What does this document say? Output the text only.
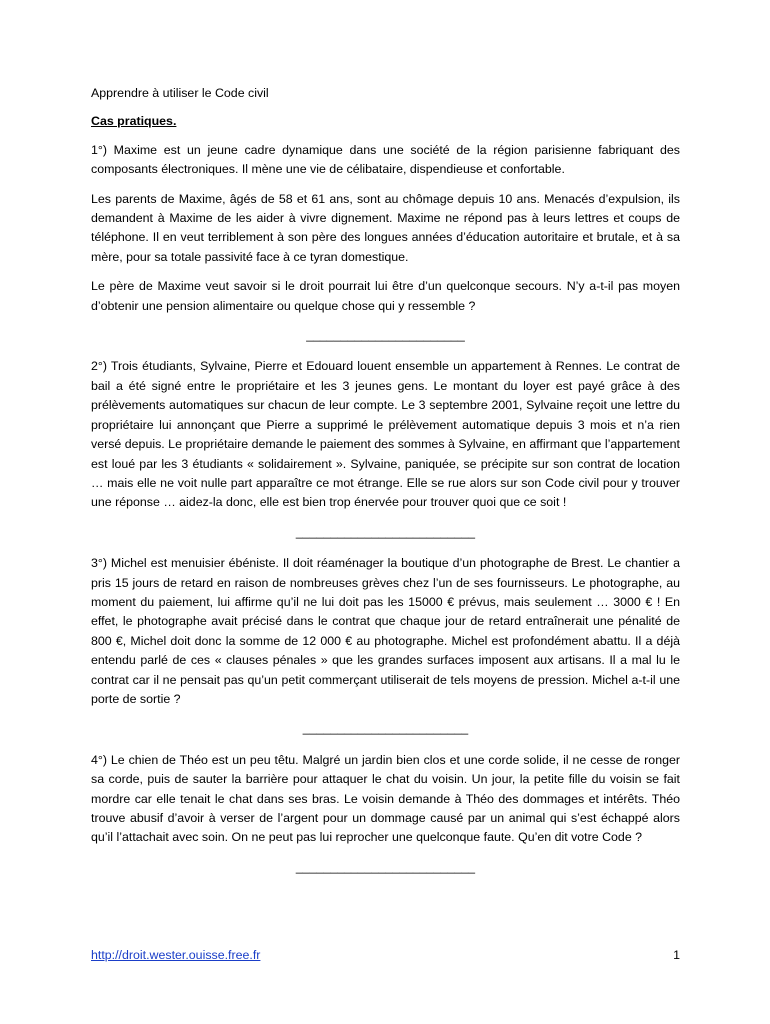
Apprendre à utiliser le Code civil
Cas pratiques.

1°) Maxime est un jeune cadre dynamique dans une société de la région parisienne fabriquant des composants électroniques. Il mène une vie de célibataire, dispendieuse et confortable.

Les parents de Maxime, âgés de 58 et 61 ans, sont au chômage depuis 10 ans. Menacés d’expulsion, ils demandent à Maxime de les aider à vivre dignement. Maxime ne répond pas à leurs lettres et coups de téléphone. Il en veut terriblement à son père des longues années d’éducation autoritaire et brutale, et à sa mère, pour sa totale passivité face à ce tyran domestique.

Le père de Maxime veut savoir si le droit pourrait lui être d’un quelconque secours. N’y a-t-il pas moyen d’obtenir une pension alimentaire ou quelque chose qui y ressemble ?

_______________________

2°) Trois étudiants, Sylvaine, Pierre et Edouard louent ensemble un appartement à Rennes. Le contrat de bail a été signé entre le propriétaire et les 3 jeunes gens. Le montant du loyer est payé grâce à des prélèvements automatiques sur chacun de leur compte. Le 3 septembre 2001, Sylvaine reçoit une lettre du propriétaire lui annonçant que Pierre a supprimé le prélèvement automatique depuis 3 mois et n’a rien versé depuis. Le propriétaire demande le paiement des sommes à Sylvaine, en affirmant que l’appartement est loué par les 3 étudiants « solidairement ». Sylvaine, paniquée, se précipite sur son contrat de location … mais elle ne voit nulle part apparaître ce mot étrange. Elle se rue alors sur son Code civil pour y trouver une réponse … aidez-la donc, elle est bien trop énervée pour trouver quoi que ce soit !

__________________________

3°) Michel est menuisier ébéniste. Il doit réaménager la boutique d’un photographe de Brest. Le chantier a pris 15 jours de retard en raison de nombreuses grèves chez l’un de ses fournisseurs. Le photographe, au moment du paiement, lui affirme qu’il ne lui doit pas les 15000 € prévus, mais seulement … 3000 € ! En effet, le photographe avait précisé dans le contrat que chaque jour de retard entraînerait une pénalité de 800 €, Michel doit donc la somme de 12 000 € au photographe. Michel est profondément abattu. Il a déjà entendu parlé de ces « clauses pénales » que les grandes surfaces imposent aux artisans. Il a mal lu le contrat car il ne pensait pas qu’un petit commerçant utiliserait de tels moyens de pression. Michel a-t-il une porte de sortie ?

________________________

4°) Le chien de Théo est un peu têtu. Malgré un jardin bien clos et une corde solide, il ne cesse de ronger sa corde, puis de sauter la barrière pour attaquer le chat du voisin. Un jour, la petite fille du voisin se fait mordre car elle tenait le chat dans ses bras. Le voisin demande à Théo des dommages et intérêts. Théo trouve abusif d’avoir à verser de l’argent pour un dommage causé par un animal qui s’est échappé alors qu’il l’attachait avec soin. On ne peut pas lui reprocher une quelconque faute. Qu’en dit votre Code ?

__________________________
http://droit.wester.ouisse.free.fr	1
